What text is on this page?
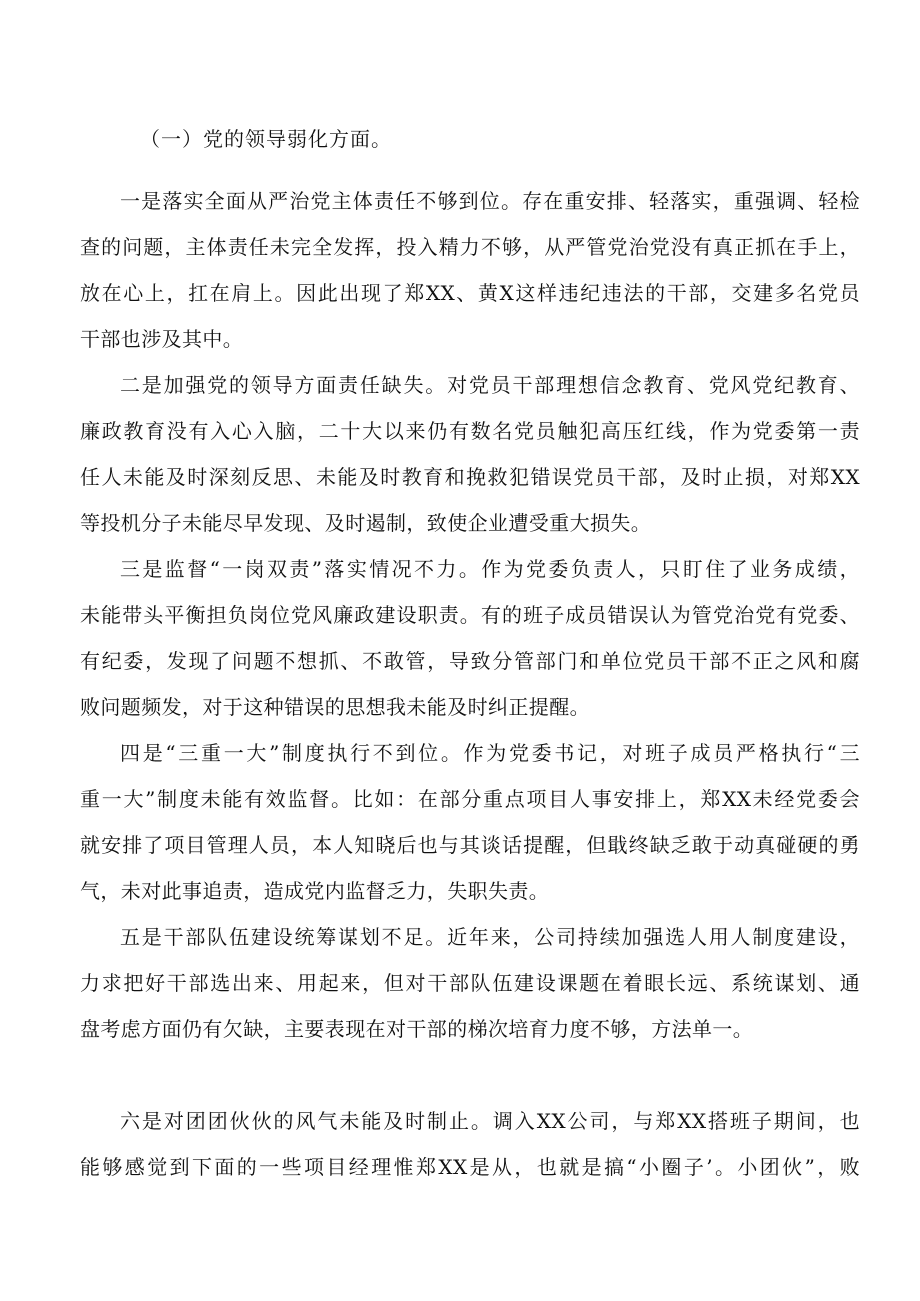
（一）党的领导弱化方面。
一是落实全面从严治党主体责任不够到位。存在重安排、轻落实，重强调、轻检
查的问题，主体责任未完全发挥，投入精力不够，从严管党治党没有真正抓在手上，
放在心上，扛在肩上。因此出现了郑XX、黄X这样违纪违法的干部，交建多名党员
干部也涉及其中。
二是加强党的领导方面责任缺失。对党员干部理想信念教育、党风党纪教育、
廉政教育没有入心入脑，二十大以来仍有数名党员触犯高压红线，作为党委第一责
任人未能及时深刻反思、未能及时教育和挽救犯错误党员干部，及时止损，对郑XX
等投机分子未能尽早发现、及时遏制，致使企业遭受重大损失。
三是监督“一岗双责”落实情况不力。作为党委负责人，只盯住了业务成绩，
未能带头平衡担负岗位党风廉政建设职责。有的班子成员错误认为管党治党有党委、
有纪委，发现了问题不想抓、不敢管，导致分管部门和单位党员干部不正之风和腐
败问题频发，对于这种错误的思想我未能及时纠正提醒。
四是“三重一大”制度执行不到位。作为党委书记，对班子成员严格执行“三
重一大”制度未能有效监督。比如：在部分重点项目人事安排上，郑XX未经党委会
就安排了项目管理人员，本人知晓后也与其谈话提醒，但戢终缺乏敢于动真碰硬的勇
气，未对此事追责，造成党内监督乏力，失职失责。
五是干部队伍建设统筹谋划不足。近年来，公司持续加强选人用人制度建设，
力求把好干部选出来、用起来，但对干部队伍建设课题在着眼长远、系统谋划、通
盘考虑方面仍有欠缺，主要表现在对干部的梯次培育力度不够，方法单一。
六是对团团伙伙的风气未能及时制止。调入XX公司，与郑XX搭班子期间，也
能够感觉到下面的一些项目经理惟郑XX是从，也就是搞“小圈子’。小团伙”，败
